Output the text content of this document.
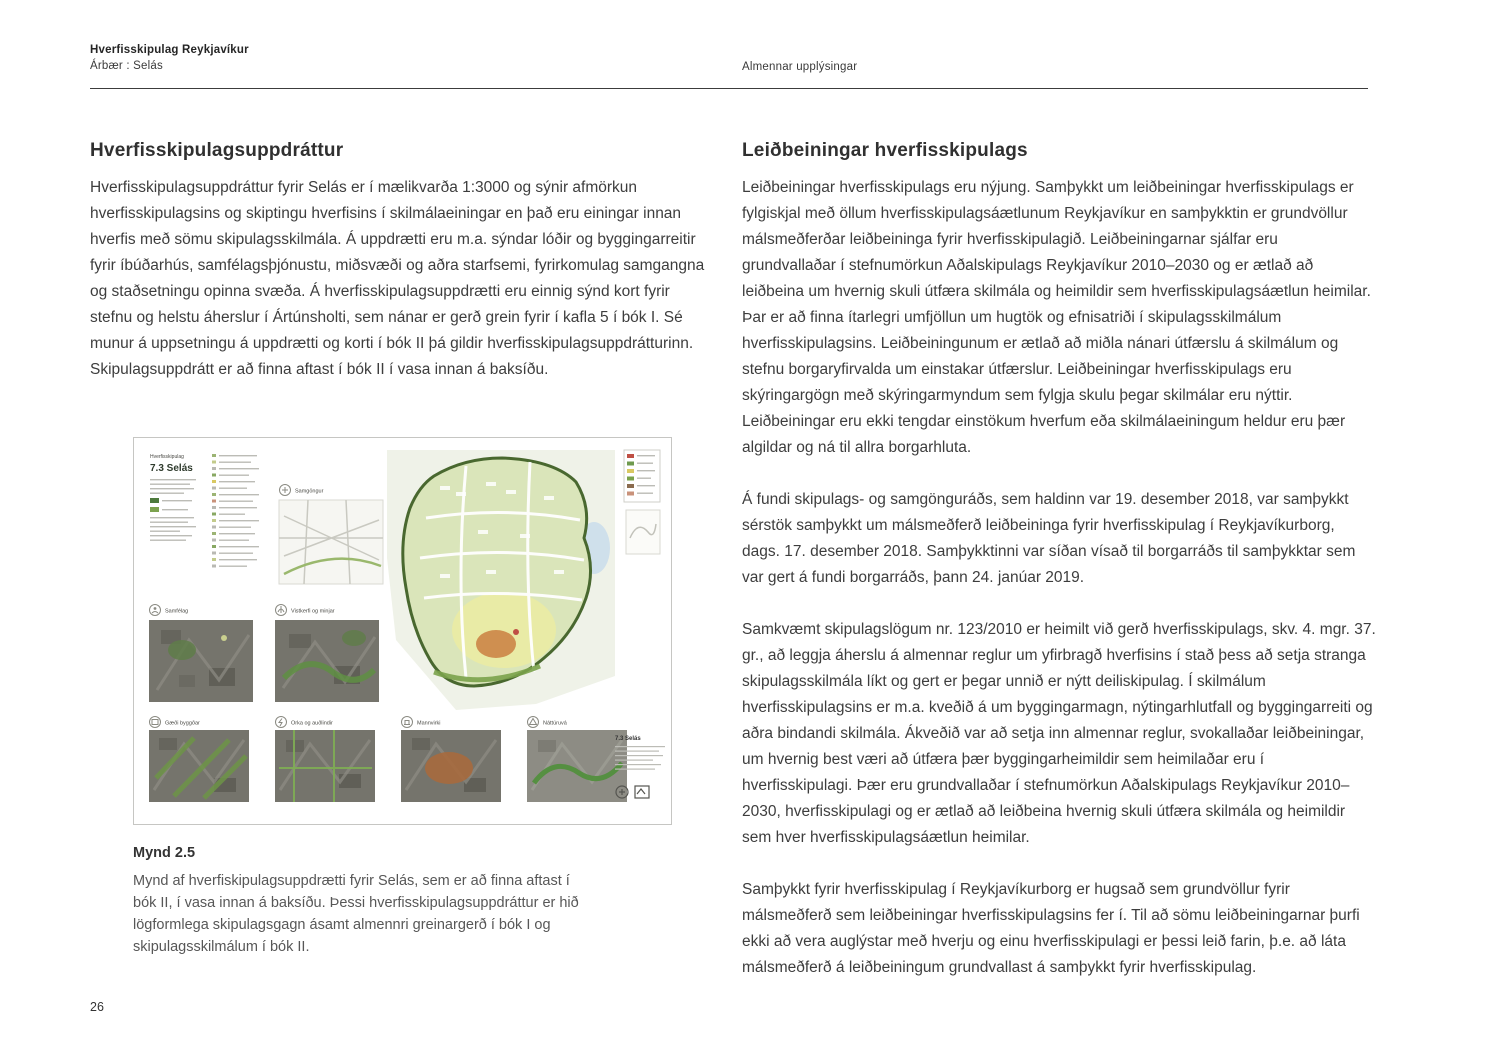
Hverfisskipulag Reykjavíkur
Árbær : Selás	Almennar upplýsingar
Hverfisskipulagsuppdráttur

Hverfisskipulagsuppdráttur fyrir Selás er í mælikvarða 1:3000 og sýnir afmörkun hverfisskipulagsins og skiptingu hverfisins í skilmálaeiningar en það eru einingar innan hverfis með sömu skipulagsskilmála. Á uppdrætti eru m.a. sýndar lóðir og byggingarreitir fyrir íbúðarhús, samfélagsþjónustu, miðsvæði og aðra starfsemi, fyrirkomulag samgangna og staðsetningu opinna svæða. Á hverfisskipulagsuppdrætti eru einnig sýnd kort fyrir stefnu og helstu áherslur í Ártúnsholti, sem nánar er gerð grein fyrir í kafla 5 í bók I. Sé munur á uppsetningu á uppdrætti og korti í bók II þá gildir hverfisskipulagsuppdrátturinn. Skipulagsuppdrátt er að finna aftast í bók II í vasa innan á baksíðu.

Hverfisskipulag
7.3 Selás
Samgöngur
Samfélag	Vistkerfi og minjar
Gæði byggðar	Orka og auðlindir	Mannvirki	Náttúruvá
7.3 Selás
Mynd 2.5
Mynd af hverfiskipulagsuppdrætti fyrir Selás, sem er að finna aftast í bók II, í vasa innan á baksíðu. Þessi hverfisskipulagsuppdráttur er hið lögformlega skipulagsgagn ásamt almennri greinargerð í bók I og skipulagsskilmálum í bók II.
Leiðbeiningar hverfisskipulags

Leiðbeiningar hverfisskipulags eru nýjung. Samþykkt um leiðbeiningar hverfisskipulags er fylgiskjal með öllum hverfisskipulagsáætlunum Reykjavíkur en samþykktin er grundvöllur málsmeðferðar leiðbeininga fyrir hverfisskipulagið. Leiðbeiningarnar sjálfar eru grundvallaðar í stefnumörkun Aðalskipulags Reykjavíkur 2010–2030 og er ætlað að leiðbeina um hvernig skuli útfæra skilmála og heimildir sem hverfisskipulagsáætlun heimilar. Þar er að finna ítarlegri umfjöllun um hugtök og efnisatriði í skipulagsskilmálum hverfisskipulagsins. Leiðbeiningunum er ætlað að miðla nánari útfærslu á skilmálum og stefnu borgaryfirvalda um einstakar útfærslur. Leiðbeiningar hverfisskipulags eru skýringargögn með skýringarmyndum sem fylgja skulu þegar skilmálar eru nýttir. Leiðbeiningar eru ekki tengdar einstökum hverfum eða skilmálaeiningum heldur eru þær algildar og ná til allra borgarhluta.

Á fundi skipulags- og samgönguráðs, sem haldinn var 19. desember 2018, var samþykkt sérstök samþykkt um málsmeðferð leiðbeininga fyrir hverfisskipulag í Reykjavíkurborg, dags. 17. desember 2018. Samþykktinni var síðan vísað til borgarráðs til samþykktar sem var gert á fundi borgarráðs, þann 24. janúar 2019.

Samkvæmt skipulagslögum nr. 123/2010 er heimilt við gerð hverfisskipulags, skv. 4. mgr. 37. gr., að leggja áherslu á almennar reglur um yfirbragð hverfisins í stað þess að setja stranga skipulagsskilmála líkt og gert er þegar unnið er nýtt deiliskipulag. Í skilmálum hverfisskipulagsins er m.a. kveðið á um byggingarmagn, nýtingarhlutfall og byggingarreiti og aðra bindandi skilmála. Ákveðið var að setja inn almennar reglur, svokallaðar leiðbeiningar, um hvernig best væri að útfæra þær byggingarheimildir sem heimilaðar eru í hverfisskipulagi. Þær eru grundvallaðar í stefnumörkun Aðalskipulags Reykjavíkur 2010–2030, hverfisskipulagi og er ætlað að leiðbeina hvernig skuli útfæra skilmála og heimildir sem hver hverfisskipulagsáætlun heimilar.

Samþykkt fyrir hverfisskipulag í Reykjavíkurborg er hugsað sem grundvöllur fyrir málsmeðferð sem leiðbeiningar hverfisskipulagsins fer í. Til að sömu leiðbeiningarnar þurfi ekki að vera auglýstar með hverju og einu hverfisskipulagi er þessi leið farin, þ.e. að láta málsmeðferð á leiðbeiningum grundvallast á samþykkt fyrir hverfisskipulag.

26
